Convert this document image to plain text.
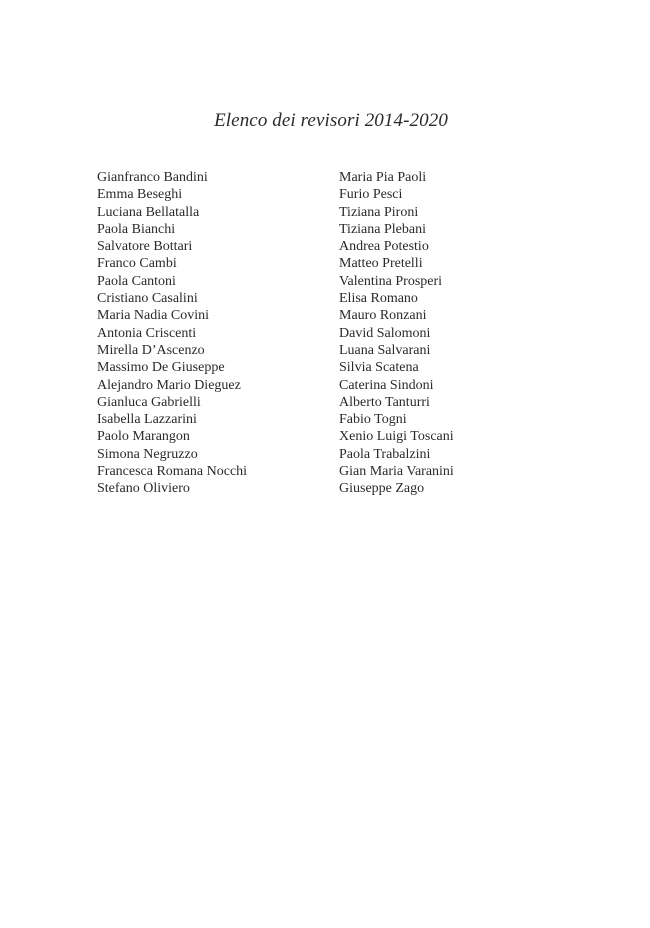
Elenco dei revisori 2014-2020
Gianfranco Bandini
Emma Beseghi
Luciana Bellatalla
Paola Bianchi
Salvatore Bottari
Franco Cambi
Paola Cantoni
Cristiano Casalini
Maria Nadia Covini
Antonia Criscenti
Mirella D’Ascenzo
Massimo De Giuseppe
Alejandro Mario Dieguez
Gianluca Gabrielli
Isabella Lazzarini
Paolo Marangon
Simona Negruzzo
Francesca Romana Nocchi
Stefano Oliviero
Maria Pia Paoli
Furio Pesci
Tiziana Pironi
Tiziana Plebani
Andrea Potestio
Matteo Pretelli
Valentina Prosperi
Elisa Romano
Mauro Ronzani
David Salomoni
Luana Salvarani
Silvia Scatena
Caterina Sindoni
Alberto Tanturri
Fabio Togni
Xenio Luigi Toscani
Paola Trabalzini
Gian Maria Varanini
Giuseppe Zago
